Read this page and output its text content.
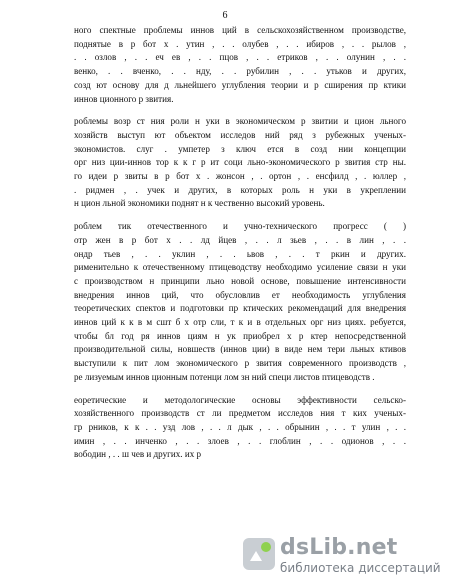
6
ного спектные проблемы иннов ций в сельскохозяйственном производстве,
поднятые в р бот х . утин , . . олубев , . . ибиров , . . рылов ,
. . озлов , . . еч ев , . . пцов , . . етриков , . . олунин , . .
венко, . . вченко, . . нду, . . рубилин , . . утьков и других,
созд ют основу для д льнейшего углубления теории и р сширения пр ктики
иннов ционного р звития.
роблемы возр ст ния роли н уки в экономическом р звитии и цион льного
хозяйств выступ ют объектом исследов ний ряд з рубежных ученых-
экономистов. слуг . умпетер з ключ ется в созд нии концепции
орг низ ции-иннов тор к к г р ит соци льно-экономического р звития стр ны.
го идеи р звиты в р бот х . жонсон , . ортон , . енсфилд , . юллер ,
. ридмен , . учек и других, в которых роль н уки в укреплении
н цион льной экономики поднят н к чественно высокий уровень.
роблем тик отечественного и учно-технического прогресс ( )
отр жен в р бот х . . лд йцев , . . л зьев , . . в лин , . .
ондр тьев , . . уклин , . . ьвов , . . т ркин и других.
рименительно к отечественному птицеводству необходимо усиление связи н уки
с производством н принципи льно новой основе, повышение интенсивности
внедрения иннов ций, что обусловлив ет необходимость углубления
теоретических спектов и подготовки пр ктических рекомендаций для внедрения
иннов ций к к в м сшт б х отр сли, т к и в отдельных орг низ циях. ребуется,
чтобы бл год ря иннов циям н ук приобрел х р ктер непосредственной
производительной силы, новшеств (иннов ции) в виде нем тери льных ктивов
выступили к пит лом экономического р звития современного производств ,
ре лизуемым иннов ционным потенци лом зн ний специ листов птицеводств .
еоретические и методологические основы эффективности сельско-
хозяйственного производств ст ли предметом исследов ния т ких ученых-
гр рников, к к . . узд лов , . . л дык , . . обрынин , . . т улин , . .
имин , . . инченко , . . злоев , . . глоблин , . . одионов , . .
вободин , . . ш чев и других. их р
dsLib.net
библиотека диссертаций
